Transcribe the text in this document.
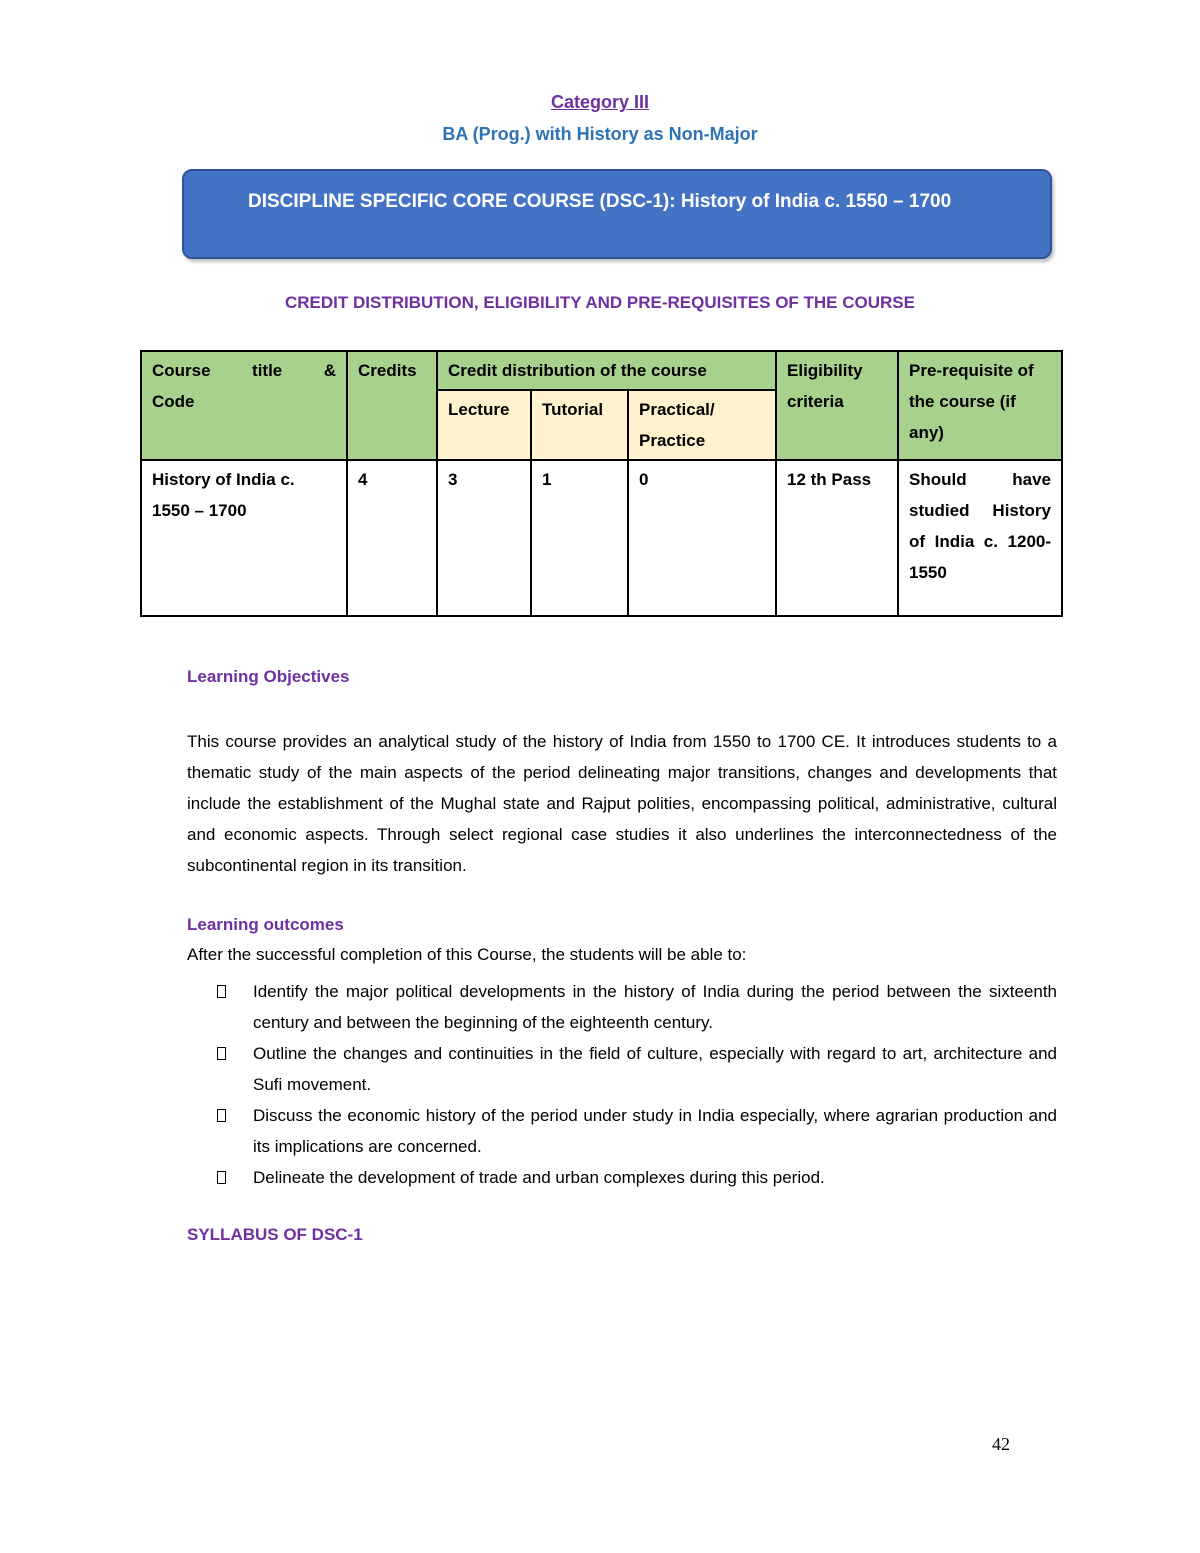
Category III
BA (Prog.) with History as Non-Major
DISCIPLINE SPECIFIC CORE COURSE (DSC-1): History of India c. 1550 – 1700
CREDIT DISTRIBUTION, ELIGIBILITY AND PRE-REQUISITES OF THE COURSE
Course title &
Code	Credits	Credit distribution of the course			Eligibility criteria	Pre-requisite of the course (if any)
		Lecture	Tutorial	Practical/ Practice		
History of India c. 1550 – 1700	4	3	1	0	12 th Pass	Should have studied History of India c. 1200-1550
Learning Objectives
This course provides an analytical study of the history of India from 1550 to 1700 CE. It introduces students to a thematic study of the main aspects of the period delineating major transitions, changes and developments that include the establishment of the Mughal state and Rajput polities, encompassing political, administrative, cultural and economic aspects. Through select regional case studies it also underlines the interconnectedness of the subcontinental region in its transition.
Learning outcomes
After the successful completion of this Course, the students will be able to:
Identify the major political developments in the history of India during the period between the sixteenth century and between the beginning of the eighteenth century.
Outline the changes and continuities in the field of culture, especially with regard to art, architecture and Sufi movement.
Discuss the economic history of the period under study in India especially, where agrarian production and its implications are concerned.
Delineate the development of trade and urban complexes during this period.
SYLLABUS OF DSC-1
42
